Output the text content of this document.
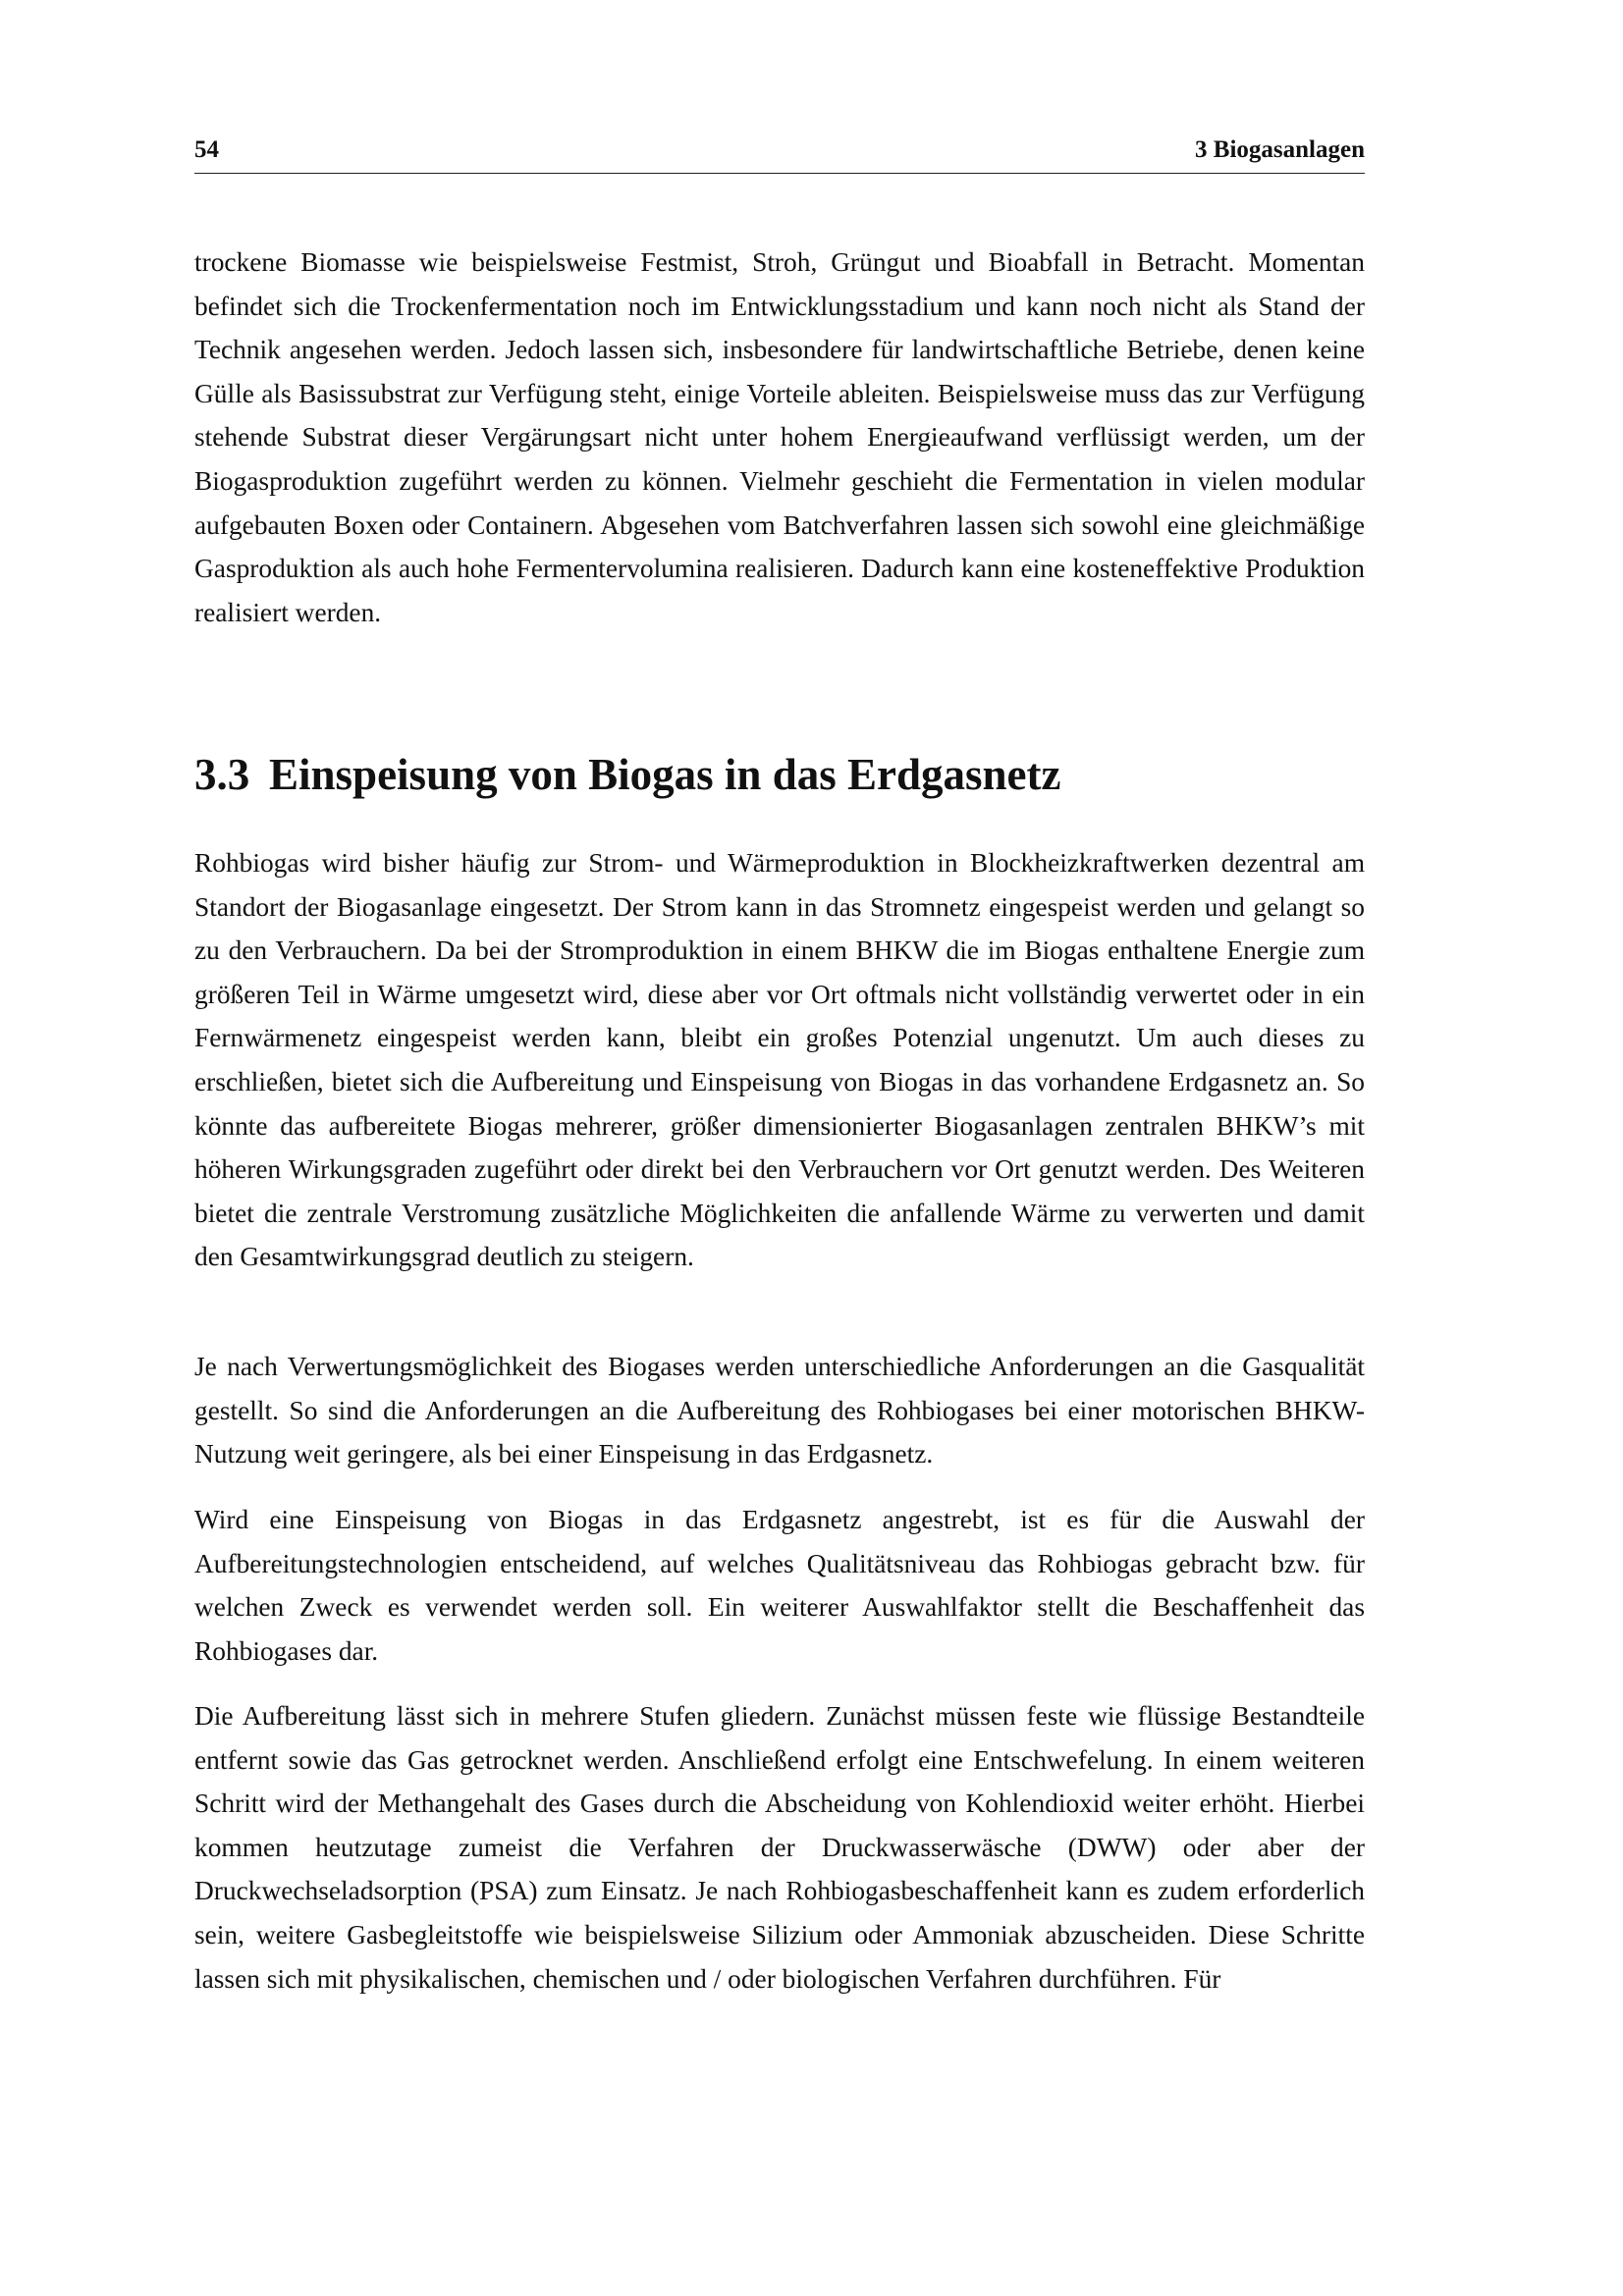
54	3 Biogasanlagen

trockene Biomasse wie beispielsweise Festmist, Stroh, Grüngut und Bioabfall in Betracht. Momentan befindet sich die Trockenfermentation noch im Entwicklungsstadium und kann noch nicht als Stand der Technik angesehen werden. Jedoch lassen sich, insbesondere für landwirtschaftliche Betriebe, denen keine Gülle als Basissubstrat zur Verfügung steht, einige Vorteile ableiten. Beispielsweise muss das zur Verfügung stehende Substrat dieser Vergärungsart nicht unter hohem Energieaufwand verflüssigt werden, um der Biogasproduktion zugeführt werden zu können. Vielmehr geschieht die Fermentation in vielen modular aufgebauten Boxen oder Containern. Abgesehen vom Batchverfahren lassen sich sowohl eine gleichmäßige Gasproduktion als auch hohe Fermentervolumina realisieren. Dadurch kann eine kosteneffektive Produktion realisiert werden.

3.3 Einspeisung von Biogas in das Erdgasnetz

Rohbiogas wird bisher häufig zur Strom- und Wärmeproduktion in Blockheizkraftwerken dezentral am Standort der Biogasanlage eingesetzt. Der Strom kann in das Stromnetz eingespeist werden und gelangt so zu den Verbrauchern. Da bei der Stromproduktion in einem BHKW die im Biogas enthaltene Energie zum größeren Teil in Wärme umgesetzt wird, diese aber vor Ort oftmals nicht vollständig verwertet oder in ein Fernwärmenetz eingespeist werden kann, bleibt ein großes Potenzial ungenutzt. Um auch dieses zu erschließen, bietet sich die Aufbereitung und Einspeisung von Biogas in das vorhandene Erdgasnetz an. So könnte das aufbereitete Biogas mehrerer, größer dimensionierter Biogasanlagen zentralen BHKW’s mit höheren Wirkungsgraden zugeführt oder direkt bei den Verbrauchern vor Ort genutzt werden. Des Weiteren bietet die zentrale Verstromung zusätzliche Möglichkeiten die anfallende Wärme zu verwerten und damit den Gesamtwirkungsgrad deutlich zu steigern.

Je nach Verwertungsmöglichkeit des Biogases werden unterschiedliche Anforderungen an die Gasqualität gestellt. So sind die Anforderungen an die Aufbereitung des Rohbiogases bei einer motorischen BHKW-Nutzung weit geringere, als bei einer Einspeisung in das Erdgasnetz.

Wird eine Einspeisung von Biogas in das Erdgasnetz angestrebt, ist es für die Auswahl der Aufbereitungstechnologien entscheidend, auf welches Qualitätsniveau das Rohbiogas gebracht bzw. für welchen Zweck es verwendet werden soll. Ein weiterer Auswahlfaktor stellt die Beschaffenheit das Rohbiogases dar.

Die Aufbereitung lässt sich in mehrere Stufen gliedern. Zunächst müssen feste wie flüssige Bestandteile entfernt sowie das Gas getrocknet werden. Anschließend erfolgt eine Entschwefelung. In einem weiteren Schritt wird der Methangehalt des Gases durch die Abscheidung von Kohlendioxid weiter erhöht. Hierbei kommen heutzutage zumeist die Verfahren der Druckwasserwäsche (DWW) oder aber der Druckwechseladsorption (PSA) zum Einsatz. Je nach Rohbiogasbeschaffenheit kann es zudem erforderlich sein, weitere Gasbegleitstoffe wie beispielsweise Silizium oder Ammoniak abzuscheiden. Diese Schritte lassen sich mit physikalischen, chemischen und / oder biologischen Verfahren durchführen. Für
